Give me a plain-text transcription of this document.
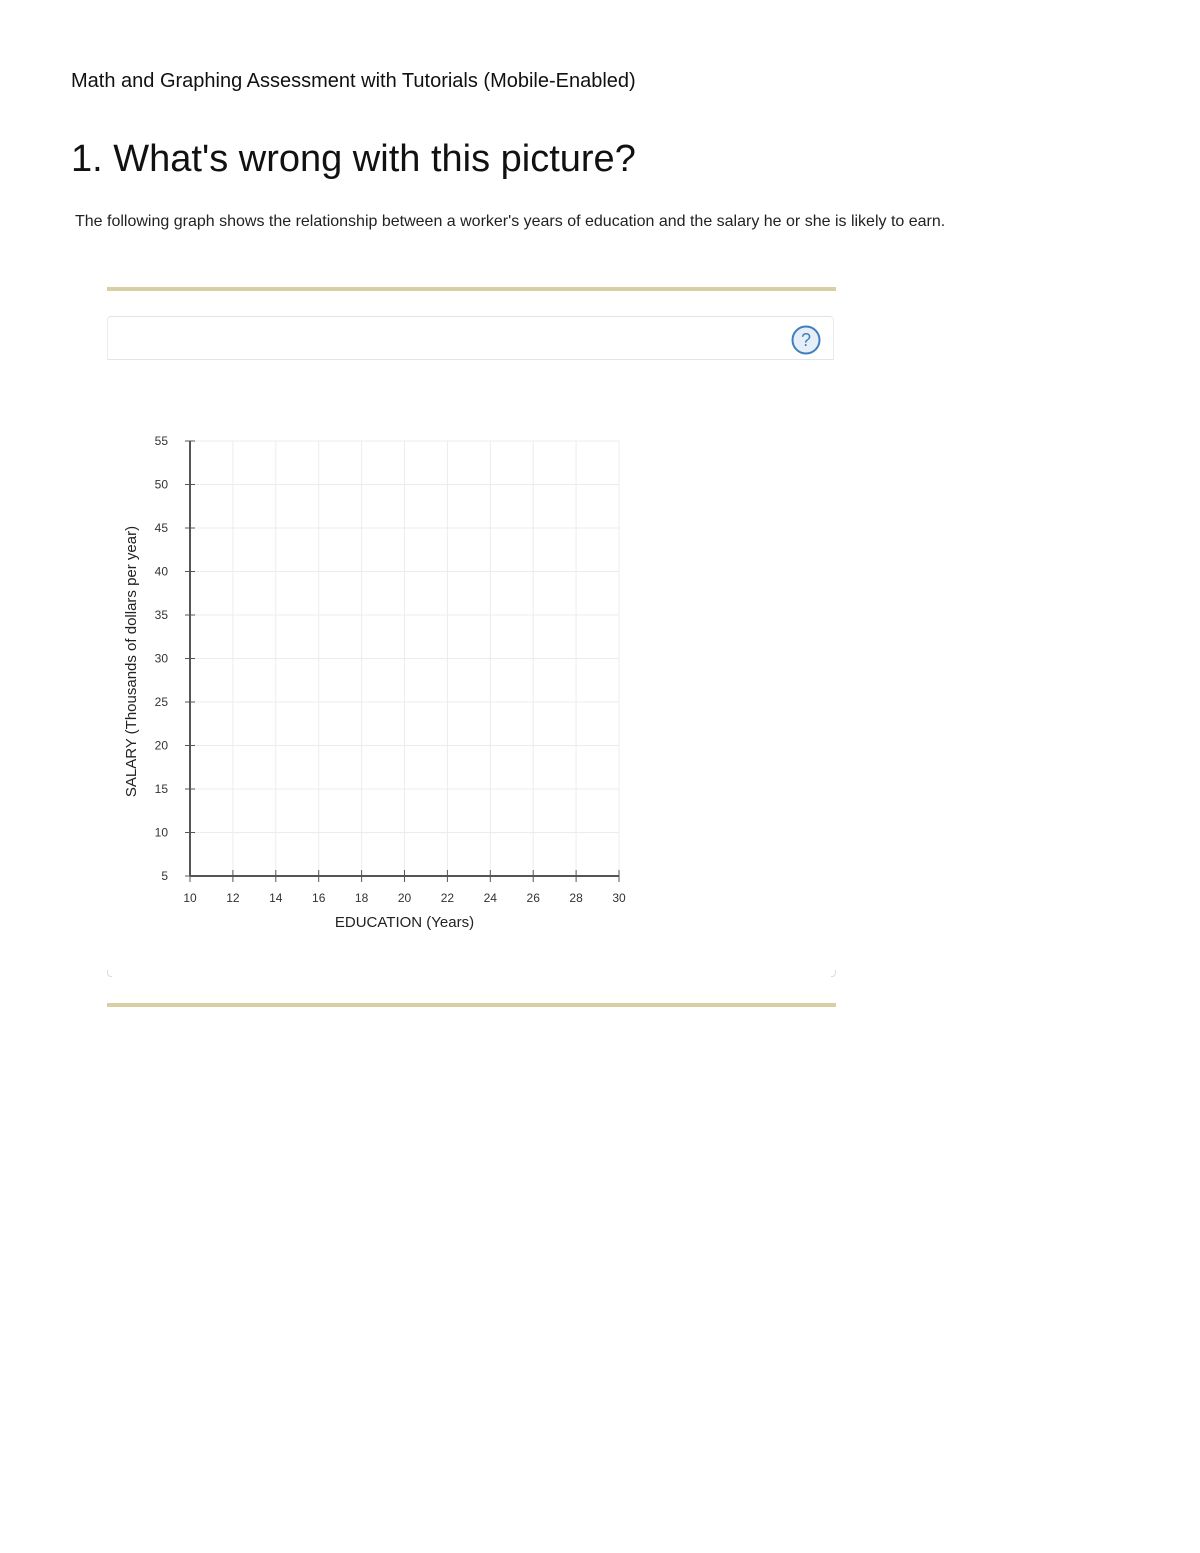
Math and Graphing Assessment with Tutorials (Mobile-Enabled)
1. What's wrong with this picture?
The following graph shows the relationship between a worker's years of education and the salary he or she is likely to earn.
?
10 12 14 16 18 20 22 24 26 28 30
5
10
15
20
25
30
35
40
45
50
55
EDUCATION (Years)
SALARY (Thousands of dollars per year)
